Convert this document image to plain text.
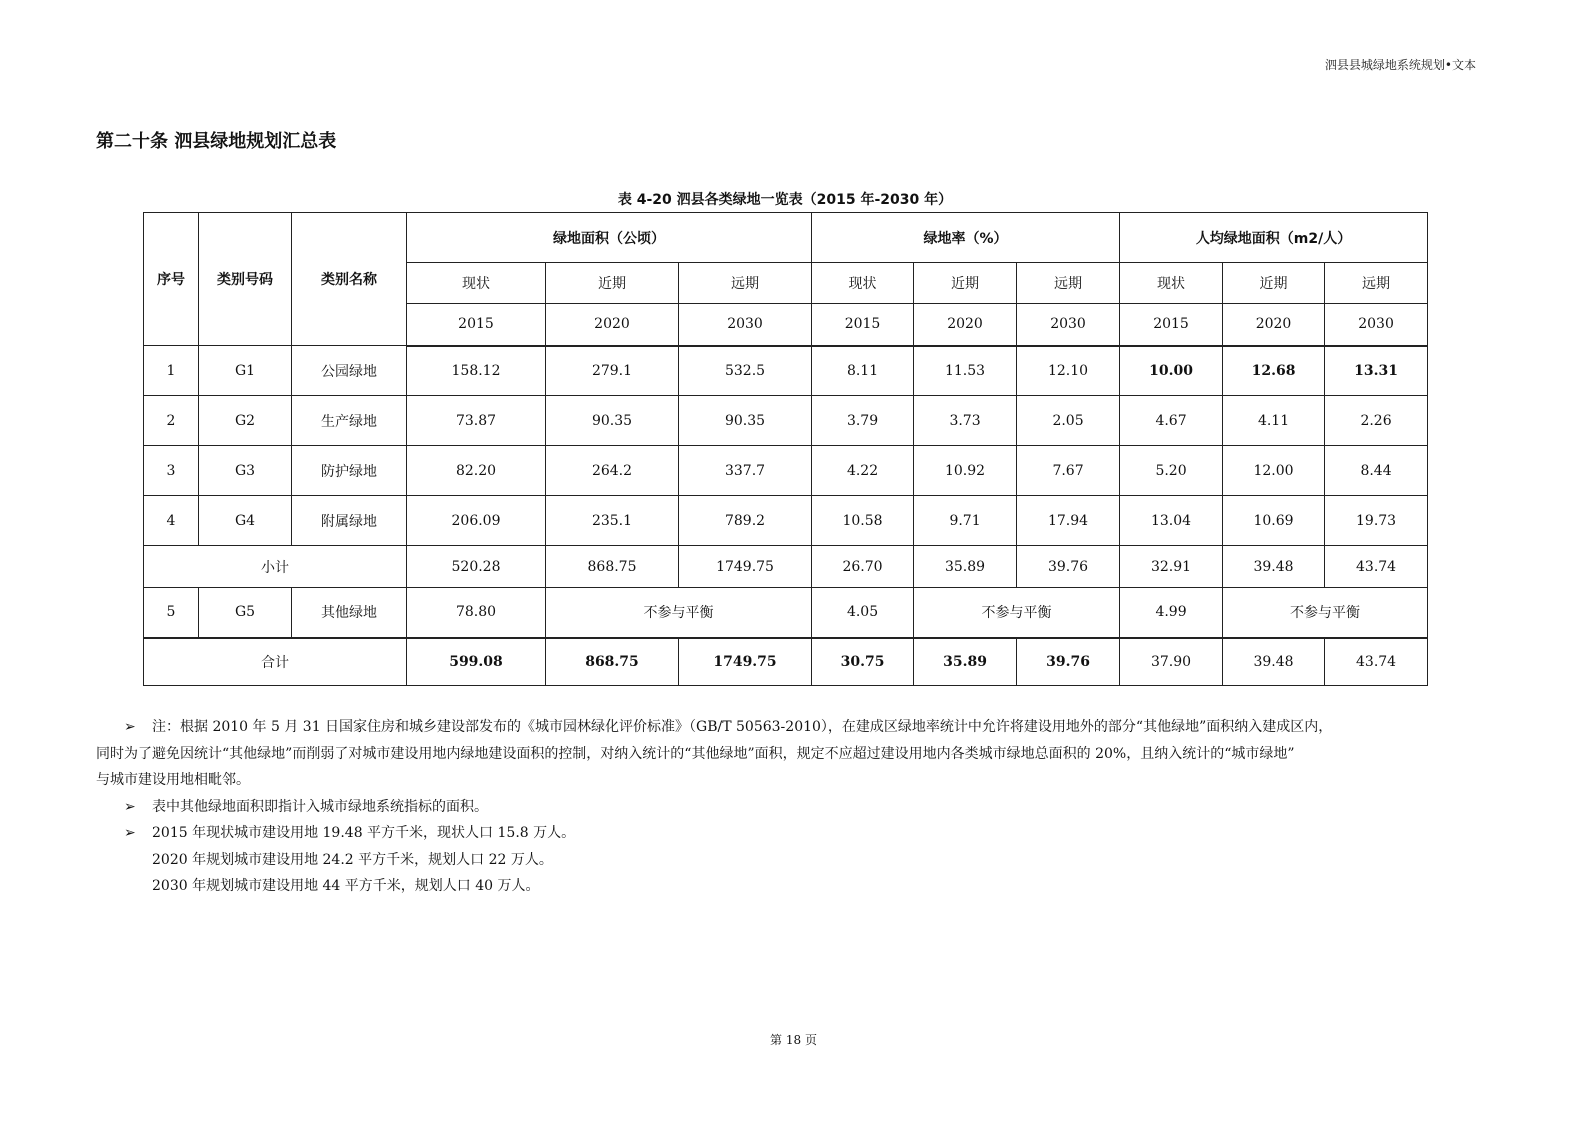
泗县县城绿地系统规划•文本
第二十条 泗县绿地规划汇总表
表 4-20 泗县各类绿地一览表（2015 年-2030 年）
序号	类别号码	类别名称	绿地面积（公顷）			绿地率（%）			人均绿地面积（m2/人）		
			现状	近期	远期	现状	近期	远期	现状	近期	远期
			2015	2020	2030	2015	2020	2030	2015	2020	2030
1	G1	公园绿地	158.12	279.1	532.5	8.11	11.53	12.10	10.00	12.68	13.31
2	G2	生产绿地	73.87	90.35	90.35	3.79	3.73	2.05	4.67	4.11	2.26
3	G3	防护绿地	82.20	264.2	337.7	4.22	10.92	7.67	5.20	12.00	8.44
4	G4	附属绿地	206.09	235.1	789.2	10.58	9.71	17.94	13.04	10.69	19.73
小计			520.28	868.75	1749.75	26.70	35.89	39.76	32.91	39.48	43.74
5	G5	其他绿地	78.80	不参与平衡		4.05	不参与平衡		4.99	不参与平衡	
合计			599.08	868.75	1749.75	30.75	35.89	39.76	37.90	39.48	43.74

➢ 注：根据 2010 年 5 月 31 日国家住房和城乡建设部发布的《城市园林绿化评价标准》（GB/T 50563-2010），在建成区绿地率统计中允许将建设用地外的部分“其他绿地”面积纳入建成区内，

同时为了避免因统计“其他绿地”而削弱了对城市建设用地内绿地建设面积的控制，对纳入统计的“其他绿地”面积，规定不应超过建设用地内各类城市绿地总面积的 20%，且纳入统计的“城市绿地”

与城市建设用地相毗邻。

➢ 表中其他绿地面积即指计入城市绿地系统指标的面积。

➢ 2015 年现状城市建设用地 19.48 平方千米，现状人口 15.8 万人。

2020 年规划城市建设用地 24.2 平方千米，规划人口 22 万人。

2030 年规划城市建设用地 44 平方千米，规划人口 40 万人。

第 18 页
